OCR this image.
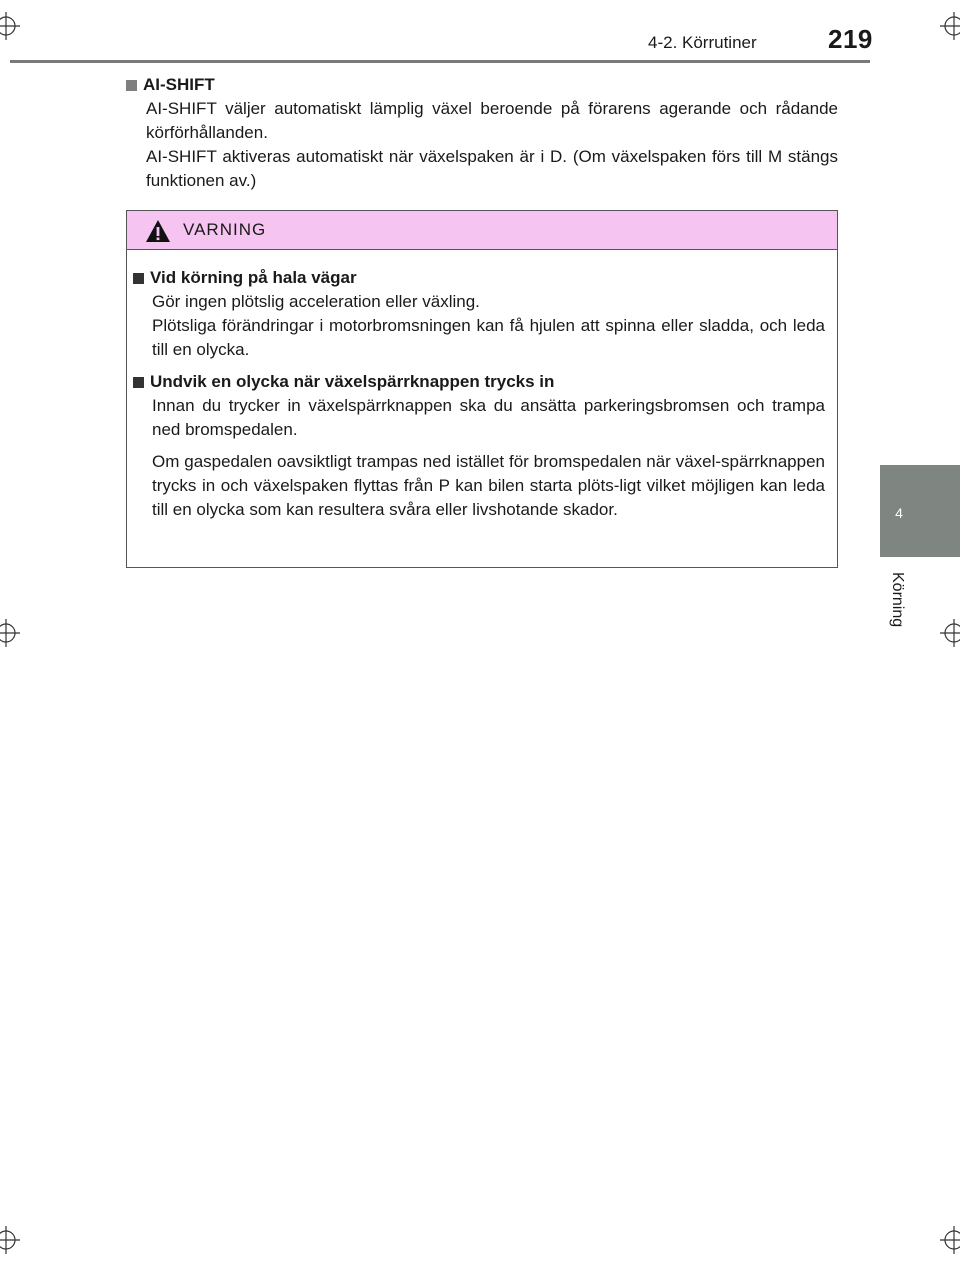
4-2. Körrutiner	219
4
Körning
AI-SHIFT
AI-SHIFT väljer automatiskt lämplig växel beroende på förarens agerande och rådande körförhållanden.
AI-SHIFT aktiveras automatiskt när växelspaken är i D. (Om växelspaken förs till M stängs funktionen av.)
VARNING
Vid körning på hala vägar
Gör ingen plötslig acceleration eller växling.
Plötsliga förändringar i motorbromsningen kan få hjulen att spinna eller sladda, och leda till en olycka.
Undvik en olycka när växelspärrknappen trycks in
Innan du trycker in växelspärrknappen ska du ansätta parkeringsbromsen och trampa ned bromspedalen.
Om gaspedalen oavsiktligt trampas ned istället för bromspedalen när växel-spärrknappen trycks in och växelspaken flyttas från P kan bilen starta plöts-ligt vilket möjligen kan leda till en olycka som kan resultera svåra eller livshotande skador.
